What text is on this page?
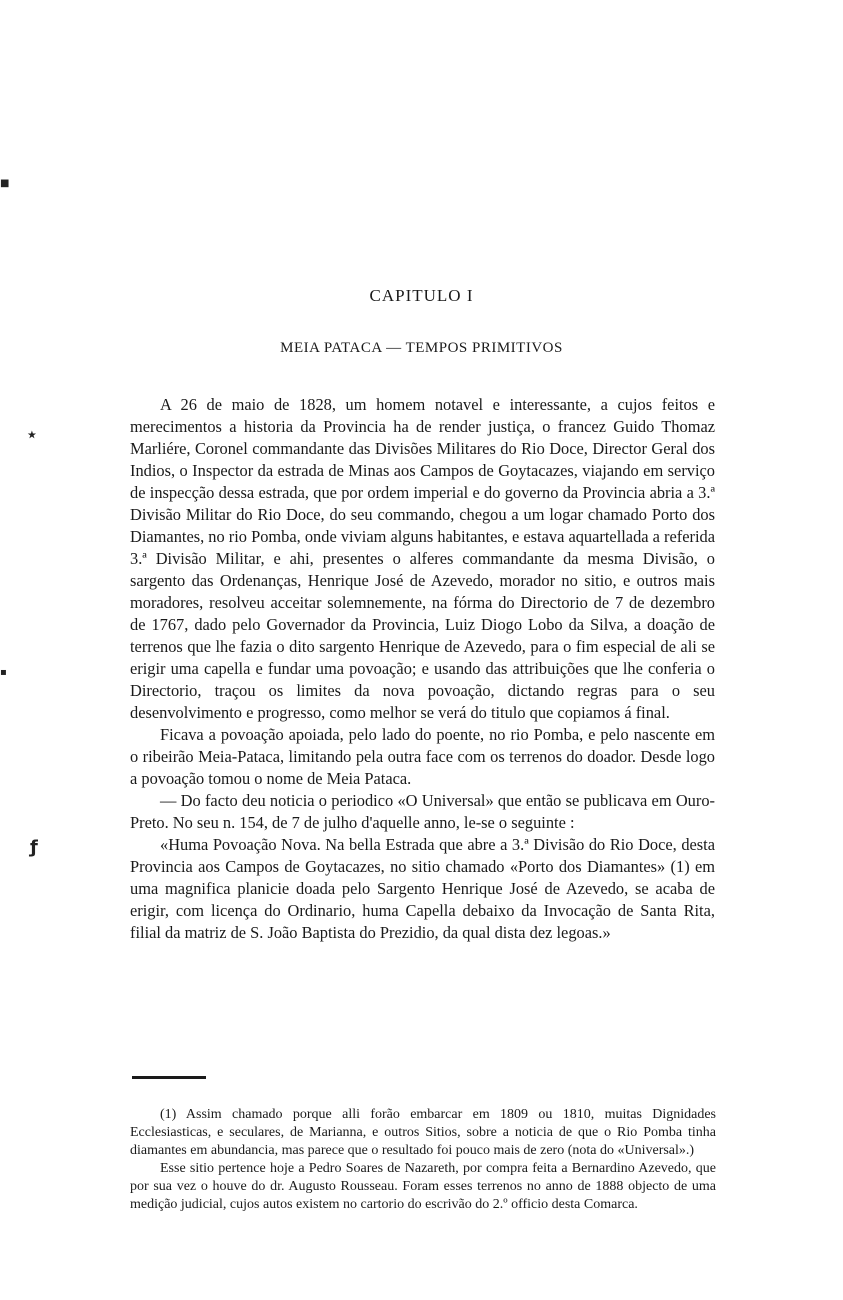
■
٭
▪
ƒ
CAPITULO I
MEIA PATACA — TEMPOS PRIMITIVOS

A 26 de maio de 1828, um homem notavel e interessante, a cujos feitos e merecimentos a historia da Provincia ha de render justiça, o francez Guido Thomaz Marliére, Coronel commandante das Divisões Militares do Rio Doce, Director Geral dos Indios, o Inspector da estrada de Minas aos Campos de Goytacazes, viajando em serviço de inspecção dessa estrada, que por ordem imperial e do governo da Provincia abria a 3.ª Divisão Militar do Rio Doce, do seu commando, chegou a um logar chamado Porto dos Diamantes, no rio Pomba, onde viviam alguns habitantes, e estava aquartellada a referida 3.ª Divisão Militar, e ahi, presentes o alferes commandante da mesma Divisão, o sargento das Ordenanças, Henrique José de Azevedo, morador no sitio, e outros mais moradores, resolveu acceitar solemnemente, na fórma do Directorio de 7 de dezembro de 1767, dado pelo Governador da Provincia, Luiz Diogo Lobo da Silva, a doação de terrenos que lhe fazia o dito sargento Henrique de Azevedo, para o fim especial de ali se erigir uma capella e fundar uma povoação; e usando das attribuições que lhe conferia o Directorio, traçou os limites da nova povoação, dictando regras para o seu desenvolvimento e progresso, como melhor se verá do titulo que copiamos á final.

Ficava a povoação apoiada, pelo lado do poente, no rio Pomba, e pelo nascente em o ribeirão Meia-Pataca, limitando pela outra face com os terrenos do doador. Desde logo a povoação tomou o nome de Meia Pataca.

— Do facto deu noticia o periodico «O Universal» que então se publicava em Ouro-Preto. No seu n. 154, de 7 de julho d'aquelle anno, le-se o seguinte :

«Huma Povoação Nova. Na bella Estrada que abre a 3.ª Divisão do Rio Doce, desta Provincia aos Campos de Goytacazes, no sitio chamado «Porto dos Diamantes» (1) em uma magnifica planicie doada pelo Sargento Henrique José de Azevedo, se acaba de erigir, com licença do Ordinario, huma Capella debaixo da Invocação de Santa Rita, filial da matriz de S. João Baptista do Prezidio, da qual dista dez legoas.»

(1) Assim chamado porque alli forão embarcar em 1809 ou 1810, muitas Dignidades Ecclesiasticas, e seculares, de Marianna, e outros Sitios, sobre a noticia de que o Rio Pomba tinha diamantes em abundancia, mas parece que o resultado foi pouco mais de zero (nota do «Universal».)

Esse sitio pertence hoje a Pedro Soares de Nazareth, por compra feita a Bernardino Azevedo, que por sua vez o houve do dr. Augusto Rousseau. Foram esses terrenos no anno de 1888 objecto de uma medição judicial, cujos autos existem no cartorio do escrivão do 2.º officio desta Comarca.
